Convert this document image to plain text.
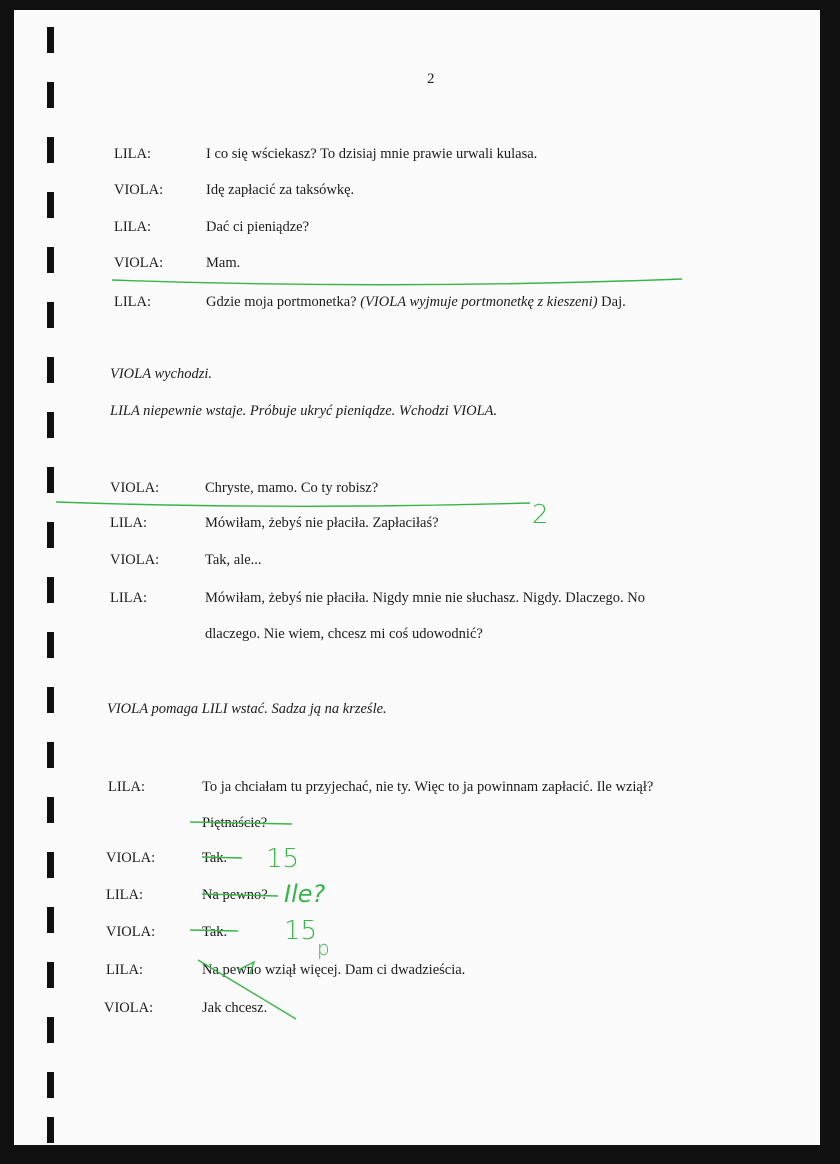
2
LILA:	I co się wściekasz? To dzisiaj mnie prawie urwali kulasa.
VIOLA:	Idę zapłacić za taksówkę.
LILA:	Dać ci pieniądze?
VIOLA:	Mam.
LILA:	Gdzie moja portmonetka? (VIOLA wyjmuje portmonetkę z kieszeni) Daj.
VIOLA wychodzi.
LILA niepewnie wstaje. Próbuje ukryć pieniądze. Wchodzi VIOLA.
VIOLA:	Chryste, mamo. Co ty robisz?
LILA:	Mówiłam, żebyś nie płaciła. Zapłaciłaś?
VIOLA:	Tak, ale...
LILA:	Mówiłam, żebyś nie płaciła. Nigdy mnie nie słuchasz. Nigdy. Dlaczego. No
dlaczego. Nie wiem, chcesz mi coś udowodnić?
VIOLA pomaga LILI wstać. Sadza ją na krześle.
LILA:	To ja chciałam tu przyjechać, nie ty. Więc to ja powinnam zapłacić. Ile wziął?
Piętnaście?
VIOLA:	Tak.
LILA:	Na pewno?
VIOLA:	Tak.
LILA:	Na pewno wziął więcej. Dam ci dwadzieścia.
VIOLA:	Jak chcesz.
2
15
Ile?
15
p
